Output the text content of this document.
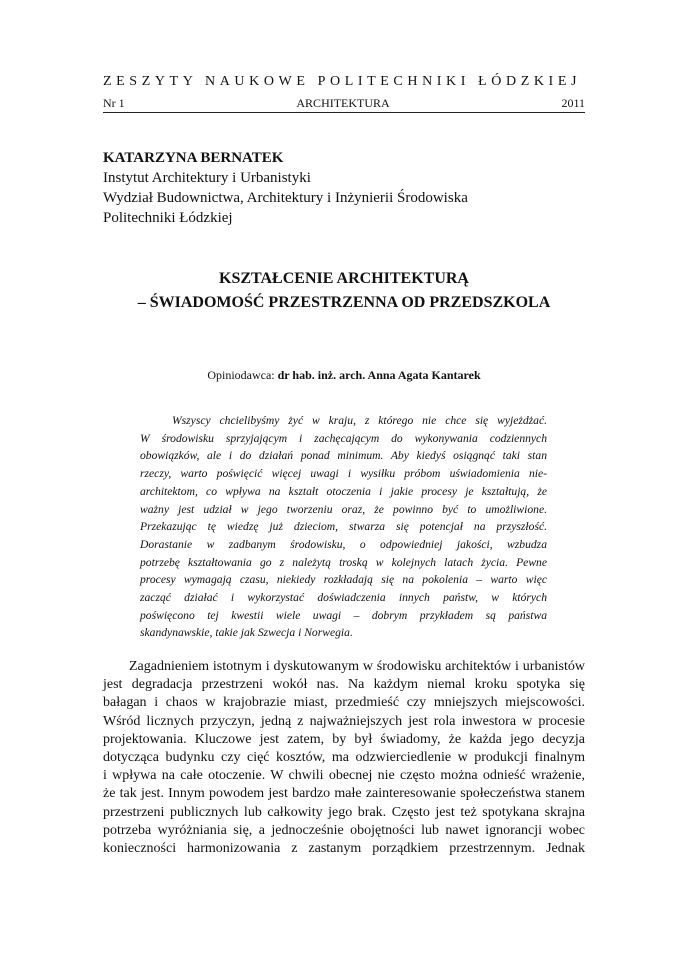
ZESZYTY NAUKOWE POLITECHNIKI ŁÓDZKIEJ
Nr 1	ARCHITEKTURA	2011
KATARZYNA BERNATEK
Instytut Architektury i Urbanistyki
Wydział Budownictwa, Architektury i Inżynierii Środowiska
Politechniki Łódzkiej
KSZTAŁCENIE ARCHITEKTURĄ
– ŚWIADOMOŚĆ PRZESTRZENNA OD PRZEDSZKOLA
Opiniodawca: dr hab. inż. arch. Anna Agata Kantarek
Wszyscy chcielibyśmy żyć w kraju, z którego nie chce się wyjeżdżać.
W środowisku sprzyjającym i zachęcającym do wykonywania codziennych
obowiązków, ale i do działań ponad minimum. Aby kiedyś osiągnąć taki stan
rzeczy, warto poświęcić więcej uwagi i wysiłku próbom uświadomienia nie-
architektom, co wpływa na kształt otoczenia i jakie procesy je kształtują, że
ważny jest udział w jego tworzeniu oraz, że powinno być to umożliwione.
Przekazując tę wiedzę już dzieciom, stwarza się potencjał na przyszłość.
Dorastanie w zadbanym środowisku, o odpowiedniej jakości, wzbudza
potrzebę kształtowania go z należytą troską w kolejnych latach życia. Pewne
procesy wymagają czasu, niekiedy rozkładają się na pokolenia – warto więc
zacząć działać i wykorzystać doświadczenia innych państw, w których
poświęcono tej kwestii wiele uwagi – dobrym przykładem są państwa
skandynawskie, takie jak Szwecja i Norwegia.
Zagadnieniem istotnym i dyskutowanym w środowisku architektów i urbanistów
jest degradacja przestrzeni wokół nas. Na każdym niemal kroku spotyka się
bałagan i chaos w krajobrazie miast, przedmieść czy mniejszych miejscowości.
Wśród licznych przyczyn, jedną z najważniejszych jest rola inwestora w procesie
projektowania. Kluczowe jest zatem, by był świadomy, że każda jego decyzja
dotycząca budynku czy cięć kosztów, ma odzwierciedlenie w produkcji finalnym
i wpływa na całe otoczenie. W chwili obecnej nie często można odnieść wrażenie,
że tak jest. Innym powodem jest bardzo małe zainteresowanie społeczeństwa stanem
przestrzeni publicznych lub całkowity jego brak. Często jest też spotykana skrajna
potrzeba wyróżniania się, a jednocześnie obojętności lub nawet ignorancji wobec
konieczności harmonizowania z zastanym porządkiem przestrzennym. Jednak
